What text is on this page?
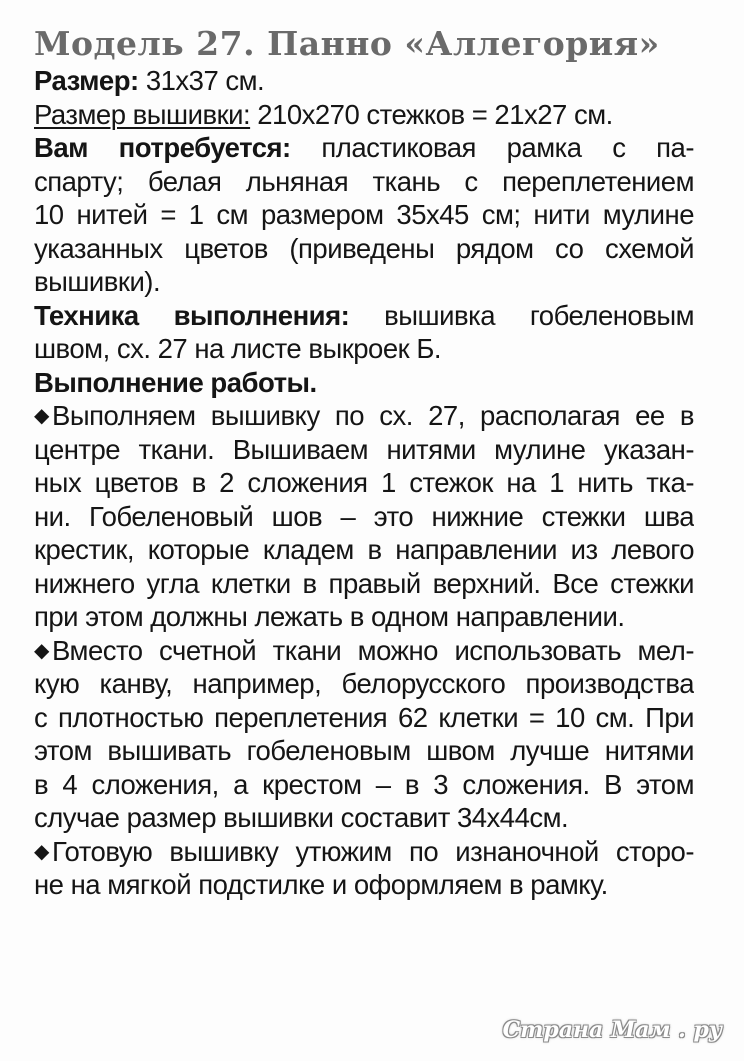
Модель 27. Панно «Аллегория»
Размер: 31х37 см.
Размер вышивки: 210х270 стежков = 21х27 см.
Вам потребуется: пластиковая рамка с па-
спарту; белая льняная ткань с переплетением
10 нитей = 1 см размером 35х45 см; нити мулине
указанных цветов (приведены рядом со схемой
вышивки).
Техника выполнения: вышивка гобеленовым
швом, сх. 27 на листе выкроек Б.
Выполнение работы.
◆ Выполняем вышивку по сх. 27, располагая ее в
центре ткани. Вышиваем нитями мулине указан-
ных цветов в 2 сложения 1 стежок на 1 нить тка-
ни. Гобеленовый шов – это нижние стежки шва
крестик, которые кладем в направлении из левого
нижнего угла клетки в правый верхний. Все стежки
при этом должны лежать в одном направлении.
◆ Вместо счетной ткани можно использовать мел-
кую канву, например, белорусского производства
с плотностью переплетения 62 клетки = 10 см. При
этом вышивать гобеленовым швом лучше нитями
в 4 сложения, а крестом – в 3 сложения. В этом
случае размер вышивки составит 34х44см.
◆ Готовую вышивку утюжим по изнаночной сторо-
не на мягкой подстилке и оформляем в рамку.
Страна Мам . ру
